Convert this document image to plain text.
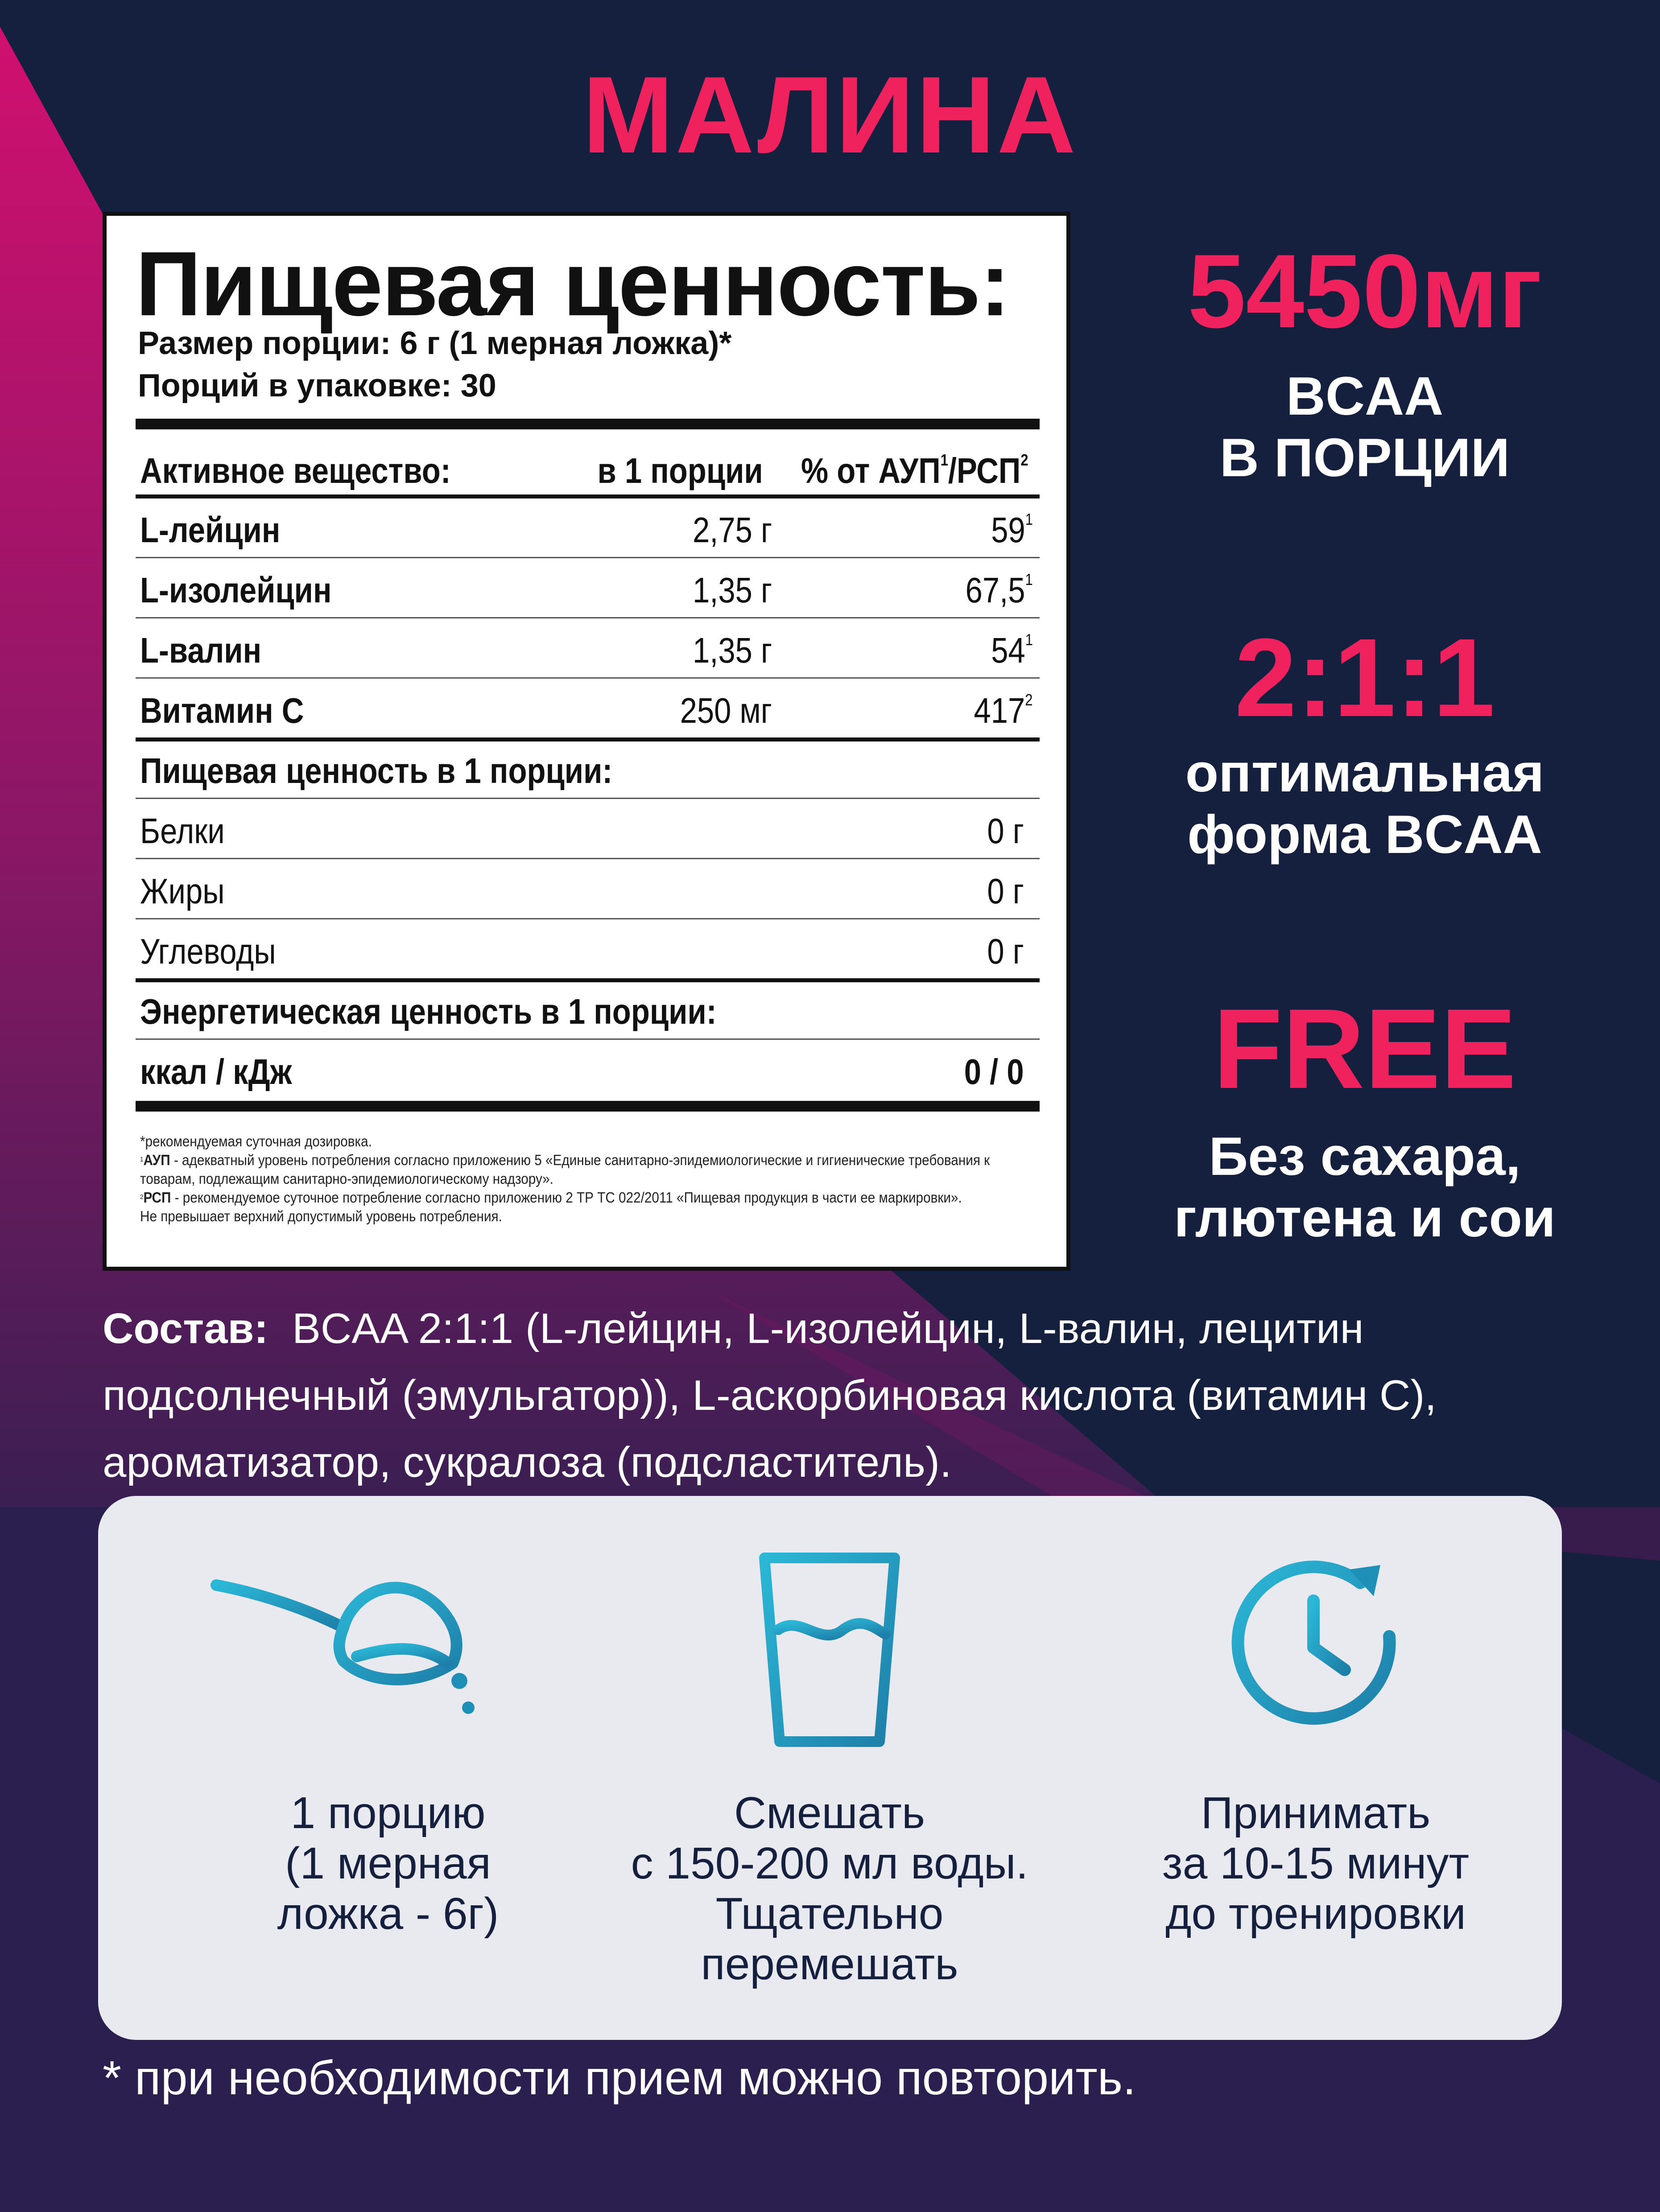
МАЛИНА
Пищевая ценность:
Размер порции: 6 г (1 мерная ложка)*
Порций в упаковке: 30
Активное вещество:	в 1 порции % от АУП$^1$/РСП$^2$
L-лейцин	2,75 г	$59^1$
L-изолейцин	1,35 г	67,5$^1$
L-валин	1,35 г	$54^1$
Витамин С	250 мг	$417^2$
Пищевая ценность в 1 порции:
Белки	0 г
Жиры	0 г
Углеводы	0 г
Энергетическая ценность в 1 порции:
ккал / кДж	0 / 0
*рекомендуемая суточная дозировка.
$^1$АУП - адекватный уровень потребления согласно приложению 5 «Единые санитарно-эпидемиологические и гигиенические требования к товарам, подлежащим санитарно-эпидемиологическому надзору».
$^2$РСП - рекомендуемое суточное потребление согласно приложению 2 ТР ТС 022/2011 «Пищевая продукция в части ее маркировки».
Не превышает верхний допустимый уровень потребления.
5450мг
BCAA
В ПОРЦИИ
2:1:1
оптимальная
форма BCAA
FREE
Без сахара,
глютена и сои
Состав: BCAA 2:1:1 (L-лейцин, L-изолейцин, L-валин, лецитин подсолнечный (эмульгатор)), L-аскорбиновая кислота (витамин С), ароматизатор, сукралоза (подсластитель).
1 порцию
(1 мерная
ложка - 6г)
Смешать
с 150-200 мл воды.
Тщательно
перемешать
Принимать
за 10-15 минут
до тренировки
* при необходимости прием можно повторить.
